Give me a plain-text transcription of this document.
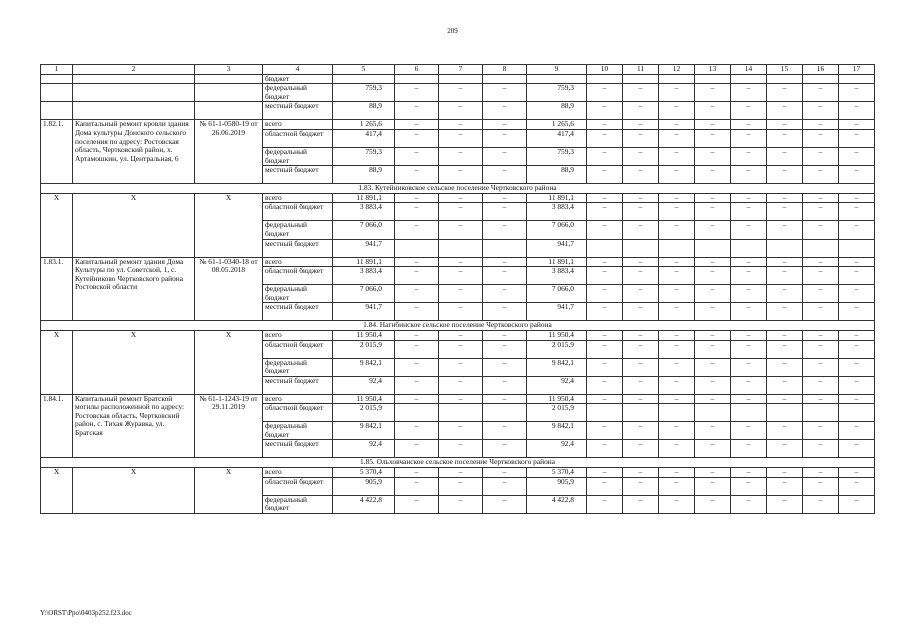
209
1	2	3	4	5	6	7	8	9	10	11	12	13	14	15	16	17
			бюджет													
			федеральный бюджет	759,3	–	–	–	759,3	–	–	–	–	–	–	–	–
			местный бюджет	88,9	–	–	–	88,9	–	–	–	–	–	–	–	–
1.82.1.	Капитальный ремонт кровли здания Дома культуры Донского сельского поселения по адресу: Ростовская область, Чертковский район, х. Артамошкин, ул. Центральная, 6	№ 61-1-0580-19 от 26.06.2019	всего	1 265,6	–	–	–	1 265,6	–	–	–	–	–	–	–	–
			областной бюджет	417,4	–	–	–	417,4	–	–	–	–	–	–	–	–
			федеральный бюджет	759,3	–	–	–	759,3	–	–	–	–	–	–	–	–
			местный бюджет	88,9	–	–	–	88,9	–	–	–	–	–	–	–	–
1.83. Кутейниковское сельское поселение Чертковского района																
X	X	X	всего	11 891,1	–	–	–	11 891,1	–	–	–	–	–	–	–	–
			областной бюджет	3 883,4	–	–	–	3 883,4	–	–	–	–	–	–	–	–
			федеральный бюджет	7 066,0	–	–	–	7 066,0	–	–	–	–	–	–	–	–
			местный бюджет	941,7				941,7								
1.83.1.	Капитальный ремонт здания Дома Культуры по ул. Советской, 1, с. Кутейниково Чертковского района Ростовской области	№ 61-1-0340-18 от 08.05.2018	всего	11 891,1	–	–	–	11 891,1	–	–	–	–	–	–	–	–
			областной бюджет	3 883,4	–	–	–	3 883,4	–	–	–	–	–	–	–	–
			федеральный бюджет	7 066,0	–	–	–	7 066,0	–	–	–	–	–	–	–	–
			местный бюджет	941,7	–	–	–	941,7	–	–	–	–	–	–	–	–
1.84. Нагибинское сельское поселение Чертковского района																
X	X	X	всего	11 950,4	–	–	–	11 950,4	–	–	–	–	–	–	–	–
			областной бюджет	2 015,9	–	–	–	2 015,9	–	–	–	–	–	–	–	–
			федеральный бюджет	9 842,1	–	–	–	9 842,1	–	–	–	–	–	–	–	–
			местный бюджет	92,4	–	–	–	92,4	–	–	–	–	–	–	–	–
1.84.1.	Капитальный ремонт Братской могилы расположенной по адресу: Ростовская область, Чертковский район, с. Тихая Журавка, ул. Братская	№ 61-1-1243-19 от 29.11.2019	всего	11 950,4	–	–	–	11 950,4	–	–	–	–	–	–	–	–
			областной бюджет	2 015,9				2 015,9								
			федеральный бюджет	9 842,1	–	–	–	9 842,1	–	–	–	–	–	–	–	–
			местный бюджет	92,4	–	–	–	92,4	–	–	–	–	–	–	–	–
1.85. Ольховчанское сельское поселение Чертковского района																
X	X	X	всего	5 370,4	–	–	–	5 370,4	–	–	–	–	–	–	–	–
			областной бюджет	905,9	–	–	–	905,9	–	–	–	–	–	–	–	–
			федеральный бюджет	4 422,8	–	–	–	4 422,8	–	–	–	–	–	–	–	–
Y:\ORST\Ppo\0403p252.f23.doc
